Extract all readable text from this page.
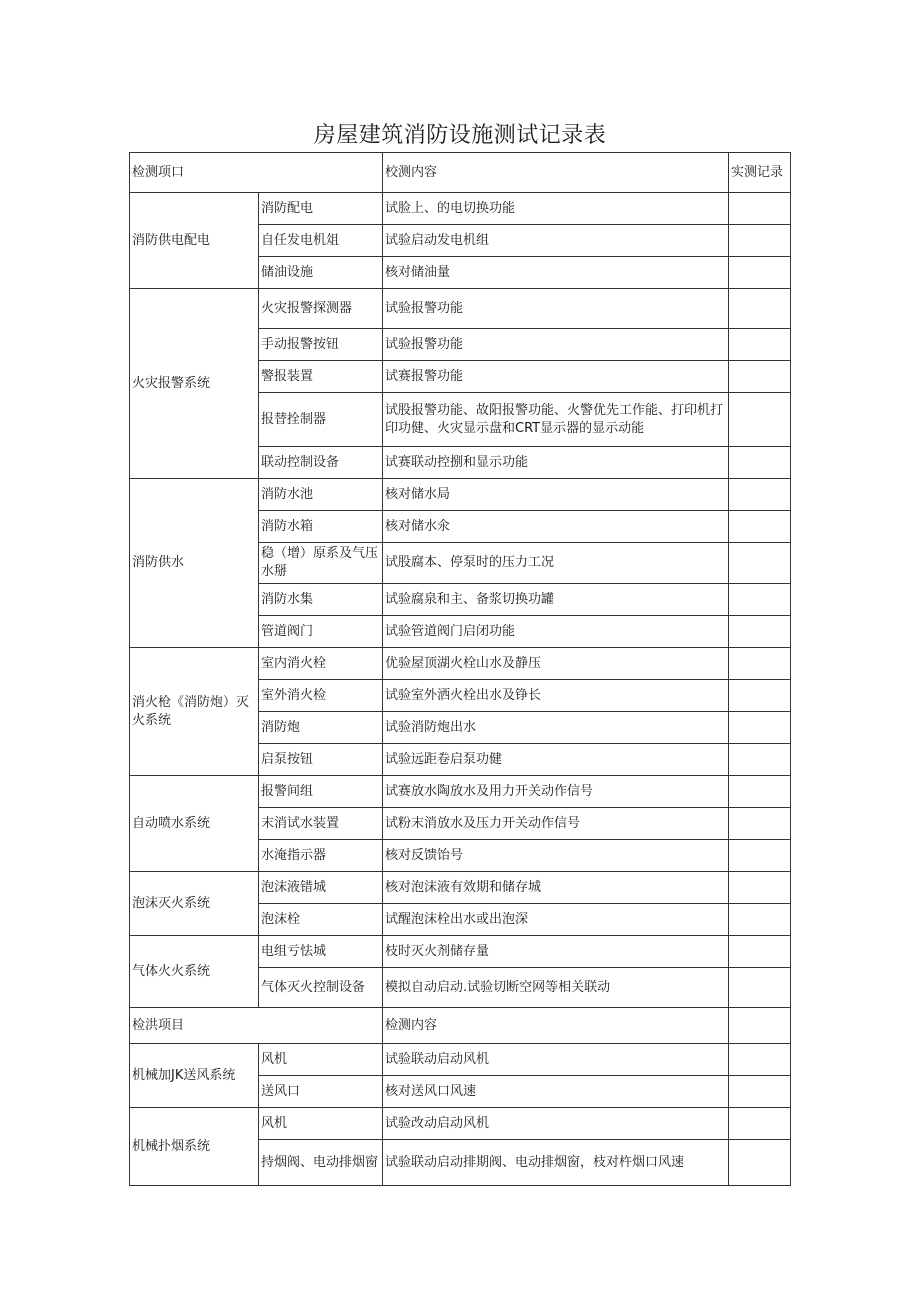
房屋建筑消防设施测试记录表
检测项口		校测内容	实测记录
消防供电配电	消防配电	试脸上、的电切换功能	
	自任发电机俎	试验启动发电机组	
	储油设施	核对储油量	
火灾报警系统	火灾报警探测器	试验报警功能	
	手动报警按钮	试验报警功能	
	警报装置	试赛报警功能	
	报替拴制器	试股报警功能、故阳报警功能、火警优先工作能、打印机打印功健、火灾显示盘和CRT显示器的显示动能	
	联动控制设备	试赛联动控捌和显示功能	
消防供水	消防水池	核对储水局	
	消防水箱	核对储水氽	
	稳（增）原系及气压水掰	试股腐本、停泵时的压力工况	
	消防水集	试验腐泉和主、备浆切换功罐	
	管道阀门	试验管道阀门启闭功能	
消火枪《消防炮）灭火系统	室内消火栓	优验屋顶湖火栓山水及静压	
	室外消火检	试验室外洒火栓出水及铮长	
	消防炮	试验消防炮出水	
	启泵按钮	试验远距卷启泵功健	
自动喷水系统	报警间组	试赛放水陶放水及用力开关动作信号	
	末消试水装置	试粉末消放水及压力开关动作信号	
	水淹指示器	核对反馈饴号	
泡沫灭火系统	泡沫液错城	核对泡沫液有效期和储存城	
	泡沫栓	试醒泡沫栓出水或出泡深	
气体火火系统	电组亏怯城	枝时灭火剂储存量	
	气体灭火控制设备	模拟自动启动.试验切断空网等相关联动	
检洪项目		检测内容	
机械加JK送风系统	风机	试验联动启动风机	
	送风口	核对送风口风速	
机械扑烟系统	风机	试验改动启动风机	
	持烟阀、电动排烟窗	试验联动启动排期阀、电动排烟窗，枝对杵烟口风速	
